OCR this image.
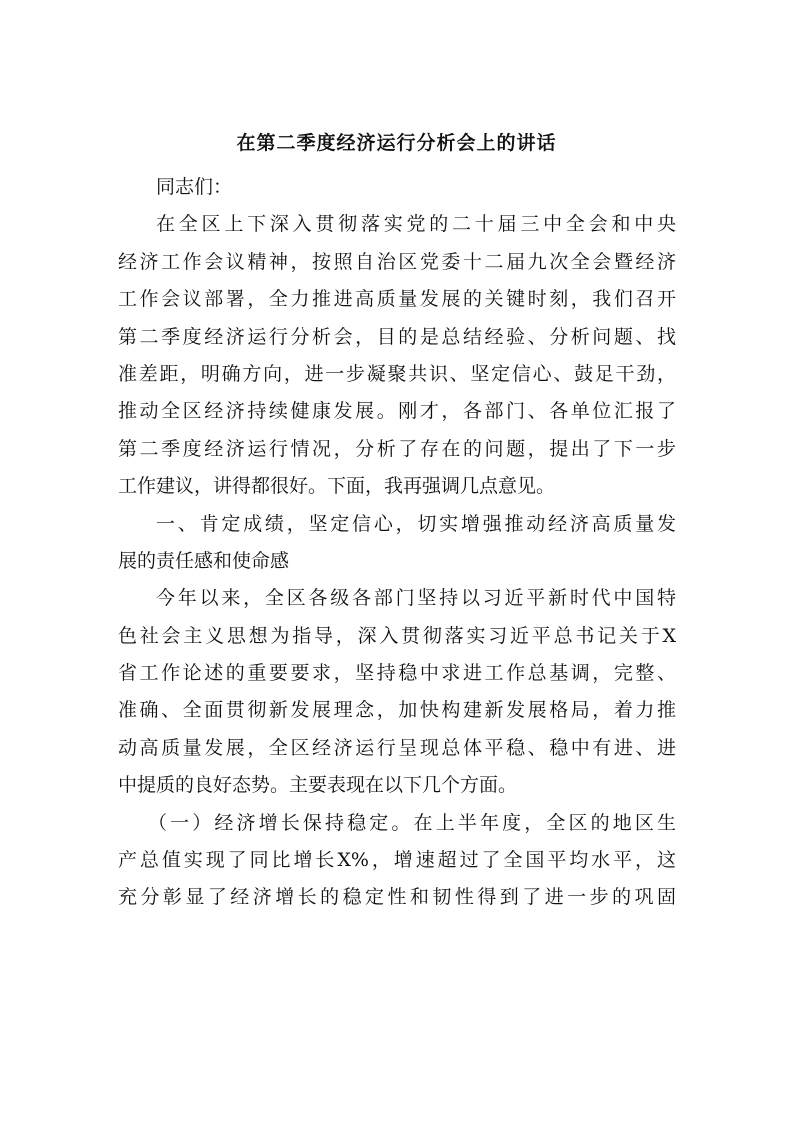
在第二季度经济运行分析会上的讲话
同志们：
在全区上下深入贯彻落实党的二十届三中全会和中央
经济工作会议精神，按照自治区党委十二届九次全会暨经济
工作会议部署，全力推进高质量发展的关键时刻，我们召开
第二季度经济运行分析会，目的是总结经验、分析问题、找
准差距，明确方向，进一步凝聚共识、坚定信心、鼓足干劲，
推动全区经济持续健康发展。刚才，各部门、各单位汇报了
第二季度经济运行情况，分析了存在的问题，提出了下一步
工作建议，讲得都很好。下面，我再强调几点意见。
一、肯定成绩，坚定信心，切实增强推动经济高质量发
展的责任感和使命感
今年以来，全区各级各部门坚持以习近平新时代中国特
色社会主义思想为指导，深入贯彻落实习近平总书记关于X
省工作论述的重要要求，坚持稳中求进工作总基调，完整、
准确、全面贯彻新发展理念，加快构建新发展格局，着力推
动高质量发展，全区经济运行呈现总体平稳、稳中有进、进
中提质的良好态势。主要表现在以下几个方面。
（一）经济增长保持稳定。在上半年度，全区的地区生
产总值实现了同比增长X%，增速超过了全国平均水平，这
充分彰显了经济增长的稳定性和韧性得到了进一步的巩固
